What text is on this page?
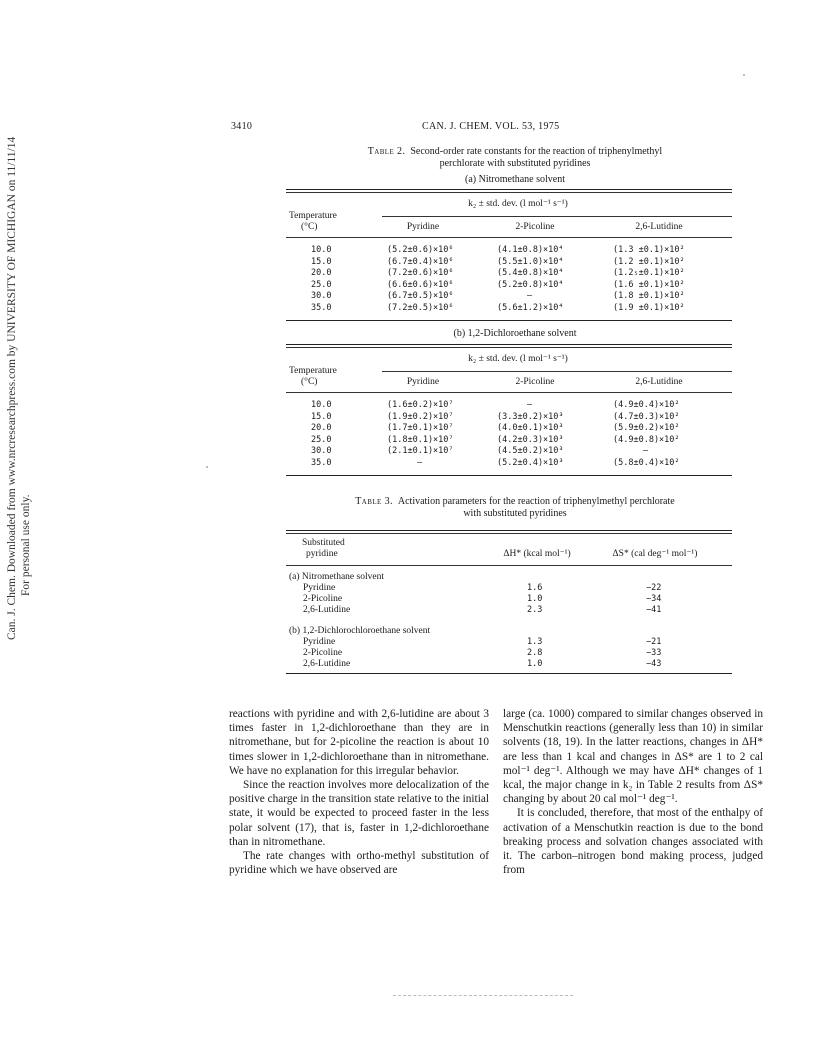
3410	CAN. J. CHEM. VOL. 53, 1975
Can. J. Chem. Downloaded from www.nrcresearchpress.com by UNIVERSITY OF MICHIGAN on 11/11/14 For personal use only.
Table 2. Second-order rate constants for the reaction of triphenylmethyl
perchlorate with substituted pyridines
(a) Nitromethane solvent
k₂ ± std. dev. (l mol⁻¹ s⁻¹)
Temperature
(°C)	Pyridine	2-Picoline	2,6-Lutidine
10.0	(5.2±0.6)×10⁶	(4.1±0.8)×10⁴	(1.3 ±0.1)×10²
15.0	(6.7±0.4)×10⁶	(5.5±1.0)×10⁴	(1.2 ±0.1)×10²
20.0	(7.2±0.6)×10⁶	(5.4±0.8)×10⁴	(1.2₅±0.1)×10²
25.0	(6.6±0.6)×10⁶	(5.2±0.8)×10⁴	(1.6 ±0.1)×10²
30.0	(6.7±0.5)×10⁶	—	(1.8 ±0.1)×10²
35.0	(7.2±0.5)×10⁶	(5.6±1.2)×10⁴	(1.9 ±0.1)×10²
(b) 1,2-Dichloroethane solvent
k₂ ± std. dev. (l mol⁻¹ s⁻¹)
Temperature
(°C)	Pyridine	2-Picoline	2,6-Lutidine
10.0	(1.6±0.2)×10⁷	—	(4.9±0.4)×10²
15.0	(1.9±0.2)×10⁷	(3.3±0.2)×10³	(4.7±0.3)×10²
20.0	(1.7±0.1)×10⁷	(4.0±0.1)×10³	(5.9±0.2)×10²
25.0	(1.8±0.1)×10⁷	(4.2±0.3)×10³	(4.9±0.8)×10²
30.0	(2.1±0.1)×10⁷	(4.5±0.2)×10³	—
35.0	—	(5.2±0.4)×10³	(5.8±0.4)×10²
Table 3. Activation parameters for the reaction of triphenylmethyl perchlorate
with substituted pyridines
Substituted
pyridine	ΔH* (kcal mol⁻¹)	ΔS* (cal deg⁻¹ mol⁻¹)
(a) Nitromethane solvent
Pyridine	1.6	−22
2-Picoline	1.0	−34
2,6-Lutidine	2.3	−41
(b) 1,2-Dichlorochloroethane solvent
Pyridine	1.3	−21
2-Picoline	2.8	−33
2,6-Lutidine	1.0	−43

reactions with pyridine and with 2,6-lutidine are about 3 times faster in 1,2-dichloroethane than they are in nitromethane, but for 2-picoline the reaction is about 10 times slower in 1,2-dichloroethane than in nitromethane. We have no explanation for this irregular behavior.

Since the reaction involves more delocalization of the positive charge in the transition state relative to the initial state, it would be expected to proceed faster in the less polar solvent (17), that is, faster in 1,2-dichloroethane than in nitromethane.

The rate changes with ortho-methyl substitution of pyridine which we have observed are

large (ca. 1000) compared to similar changes observed in Menschutkin reactions (generally less than 10) in similar solvents (18, 19). In the latter reactions, changes in ΔH* are less than 1 kcal and changes in ΔS* are 1 to 2 cal mol⁻¹ deg⁻¹. Although we may have ΔH* changes of 1 kcal, the major change in k₂ in Table 2 results from ΔS* changing by about 20 cal mol⁻¹ deg⁻¹.

It is concluded, therefore, that most of the enthalpy of activation of a Menschutkin reaction is due to the bond breaking process and solvation changes associated with it. The carbon–nitrogen bond making process, judged from
